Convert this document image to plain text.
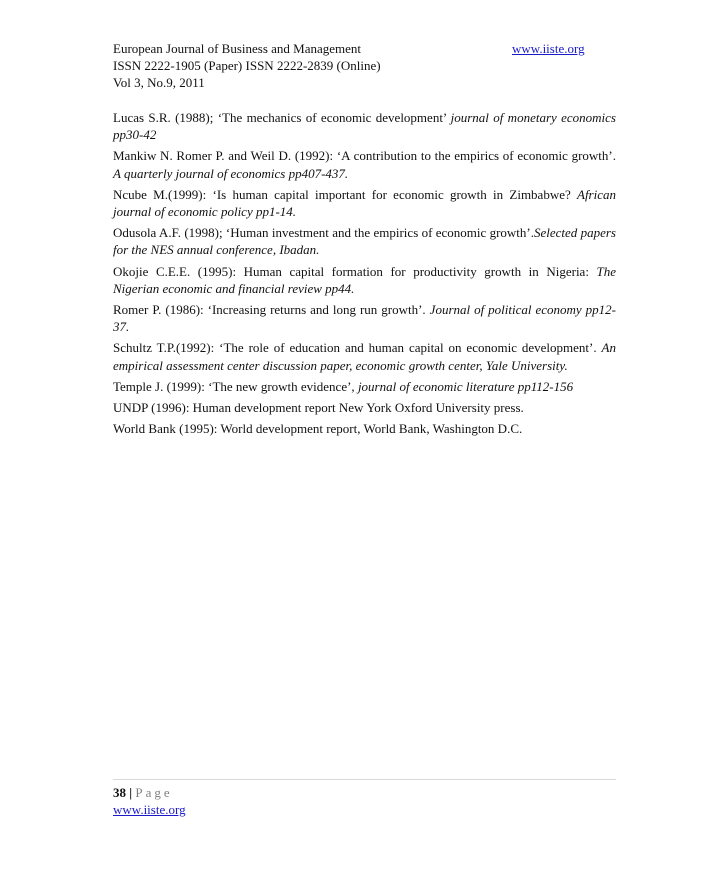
European Journal of Business and Management	www.iiste.org
ISSN 2222-1905 (Paper) ISSN 2222-2839 (Online)
Vol 3, No.9, 2011

Lucas S.R. (1988); ‘The mechanics of economic development’ journal of monetary economics pp30-42

Mankiw N. Romer P. and Weil D. (1992): ‘A contribution to the empirics of economic growth’. A quarterly journal of economics pp407-437.

Ncube M.(1999): ‘Is human capital important for economic growth in Zimbabwe? African journal of economic policy pp1-14.

Odusola A.F. (1998); ‘Human investment and the empirics of economic growth’.Selected papers for the NES annual conference, Ibadan.

Okojie C.E.E. (1995): Human capital formation for productivity growth in Nigeria: The Nigerian economic and financial review pp44.

Romer P. (1986): ‘Increasing returns and long run growth’. Journal of political economy pp12-37.

Schultz T.P.(1992): ‘The role of education and human capital on economic development’. An empirical assessment center discussion paper, economic growth center, Yale University.

Temple J. (1999): ‘The new growth evidence’, journal of economic literature pp112-156

UNDP (1996): Human development report New York Oxford University press.

World Bank (1995): World development report, World Bank, Washington D.C.

38 | Page
www.iiste.org
